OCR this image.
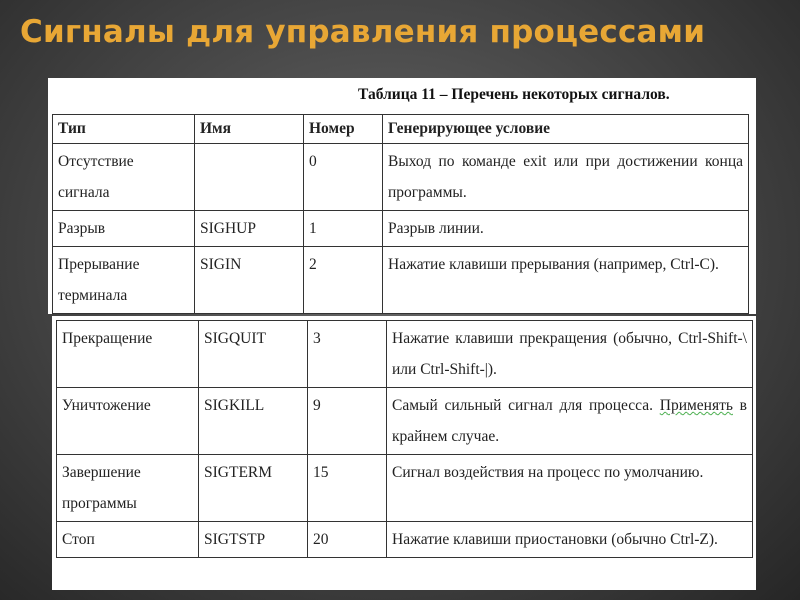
Сигналы для управления процессами
Таблица 11 – Перечень некоторых сигналов.
Тип	Имя	Номер	Генерирующее условие
Отсутствие сигнала		0	Выход по команде exit или при достижении конца программы.
Разрыв	SIGHUP	1	Разрыв линии.
Прерывание терминала	SIGIN	2	Нажатие клавиши прерывания (например, Ctrl-C).
Прекращение	SIGQUIT	3	Нажатие клавиши прекращения (обычно, Ctrl-Shift-\ или Ctrl-Shift-|).
Уничтожение	SIGKILL	9	Самый сильный сигнал для процесса. Применять в крайнем случае.
Завершение программы	SIGTERM	15	Сигнал воздействия на процесс по умолчанию.
Стоп	SIGTSTP	20	Нажатие клавиши приостановки (обычно Ctrl-Z).
